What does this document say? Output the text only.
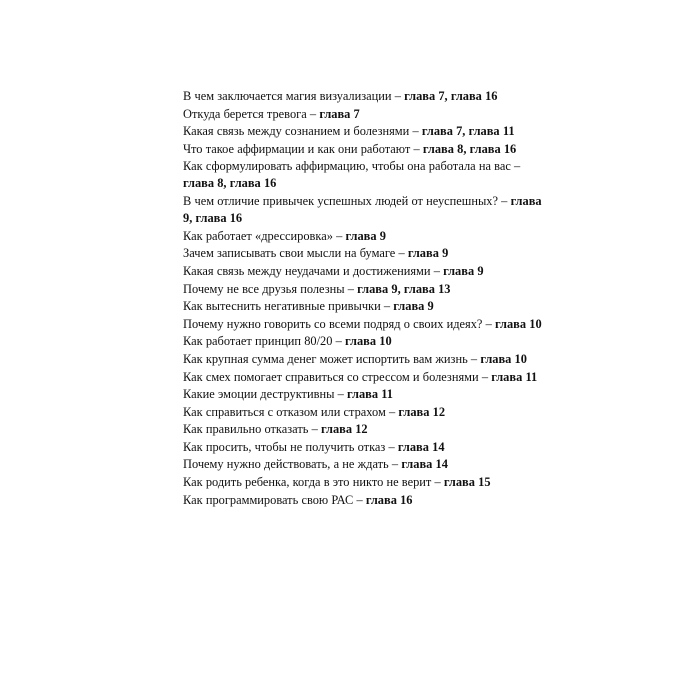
В чем заключается магия визуализации – глава 7, глава 16

Откуда берется тревога – глава 7

Какая связь между сознанием и болезнями – глава 7, глава 11

Что такое аффирмации и как они работают – глава 8, глава 16

Как сформулировать аффирмацию, чтобы она работала на вас – глава 8, глава 16

В чем отличие привычек успешных людей от неуспешных? – глава 9, глава 16

Как работает «дрессировка» – глава 9

Зачем записывать свои мысли на бумаге – глава 9

Какая связь между неудачами и достижениями – глава 9

Почему не все друзья полезны – глава 9, глава 13

Как вытеснить негативные привычки – глава 9

Почему нужно говорить со всеми подряд о своих идеях? – глава 10

Как работает принцип 80/20 – глава 10

Как крупная сумма денег может испортить вам жизнь – глава 10

Как смех помогает справиться со стрессом и болезнями – глава 11

Какие эмоции деструктивны – глава 11

Как справиться с отказом или страхом – глава 12

Как правильно отказать – глава 12

Как просить, чтобы не получить отказ – глава 14

Почему нужно действовать, а не ждать – глава 14

Как родить ребенка, когда в это никто не верит – глава 15

Как программировать свою РАС – глава 16
